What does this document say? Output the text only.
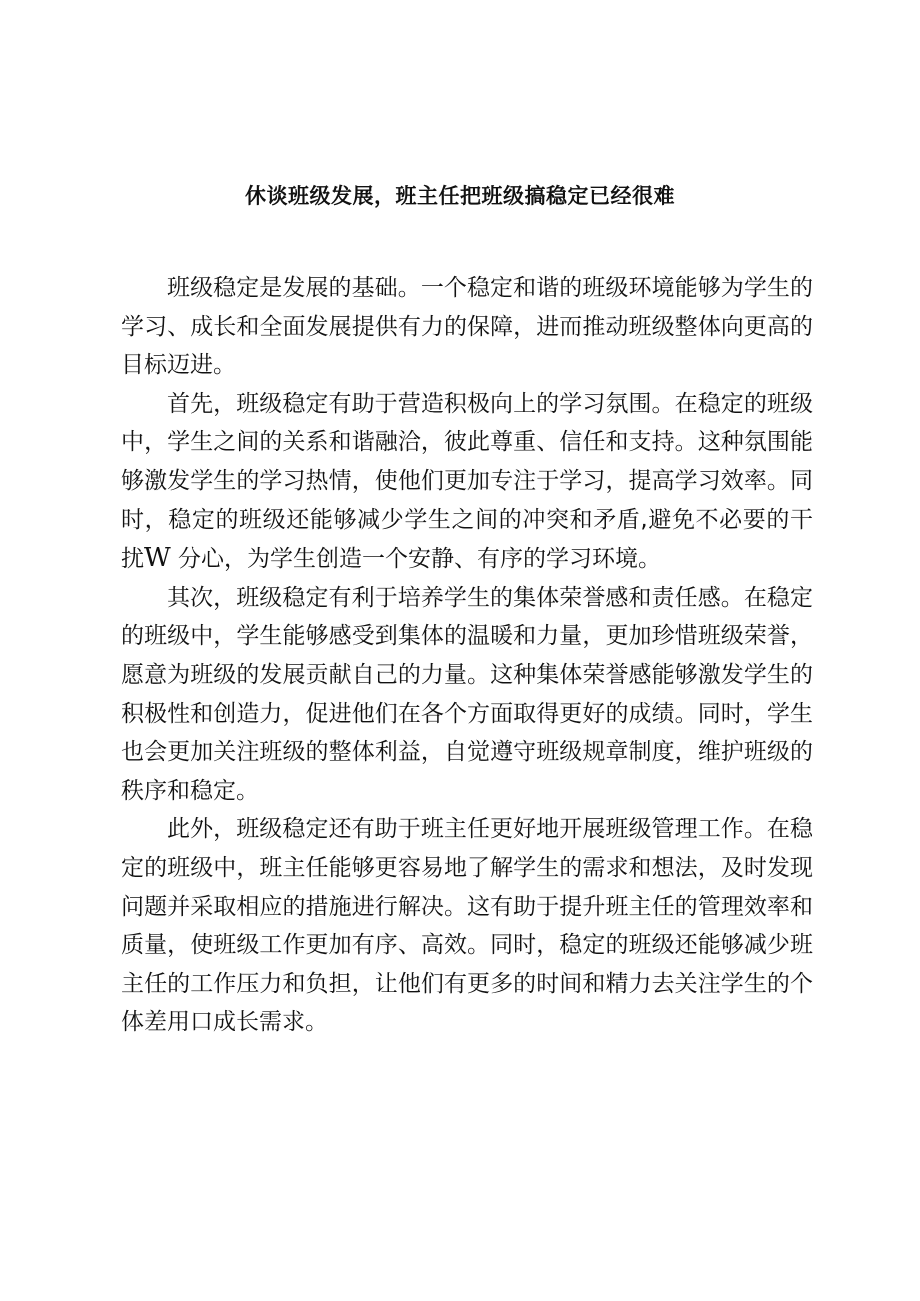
休谈班级发展，班主任把班级搞稳定已经很难

班级稳定是发展的基础。一个稳定和谐的班级环境能够为学生的学习、成长和全面发展提供有力的保障，进而推动班级整体向更高的目标迈进。

首先，班级稳定有助于营造积极向上的学习氛围。在稳定的班级中，学生之间的关系和谐融洽，彼此尊重、信任和支持。这种氛围能够激发学生的学习热情，使他们更加专注于学习，提高学习效率。同时，稳定的班级还能够减少学生之间的冲突和矛盾,避免不必要的干扰W 分心，为学生创造一个安静、有序的学习环境。

其次，班级稳定有利于培养学生的集体荣誉感和责任感。在稳定的班级中，学生能够感受到集体的温暖和力量，更加珍惜班级荣誉，愿意为班级的发展贡献自己的力量。这种集体荣誉感能够激发学生的积极性和创造力，促进他们在各个方面取得更好的成绩。同时，学生也会更加关注班级的整体利益，自觉遵守班级规章制度，维护班级的秩序和稳定。

此外，班级稳定还有助于班主任更好地开展班级管理工作。在稳定的班级中，班主任能够更容易地了解学生的需求和想法，及时发现问题并采取相应的措施进行解决。这有助于提升班主任的管理效率和质量，使班级工作更加有序、高效。同时，稳定的班级还能够减少班主任的工作压力和负担，让他们有更多的时间和精力去关注学生的个体差用口成长需求。
